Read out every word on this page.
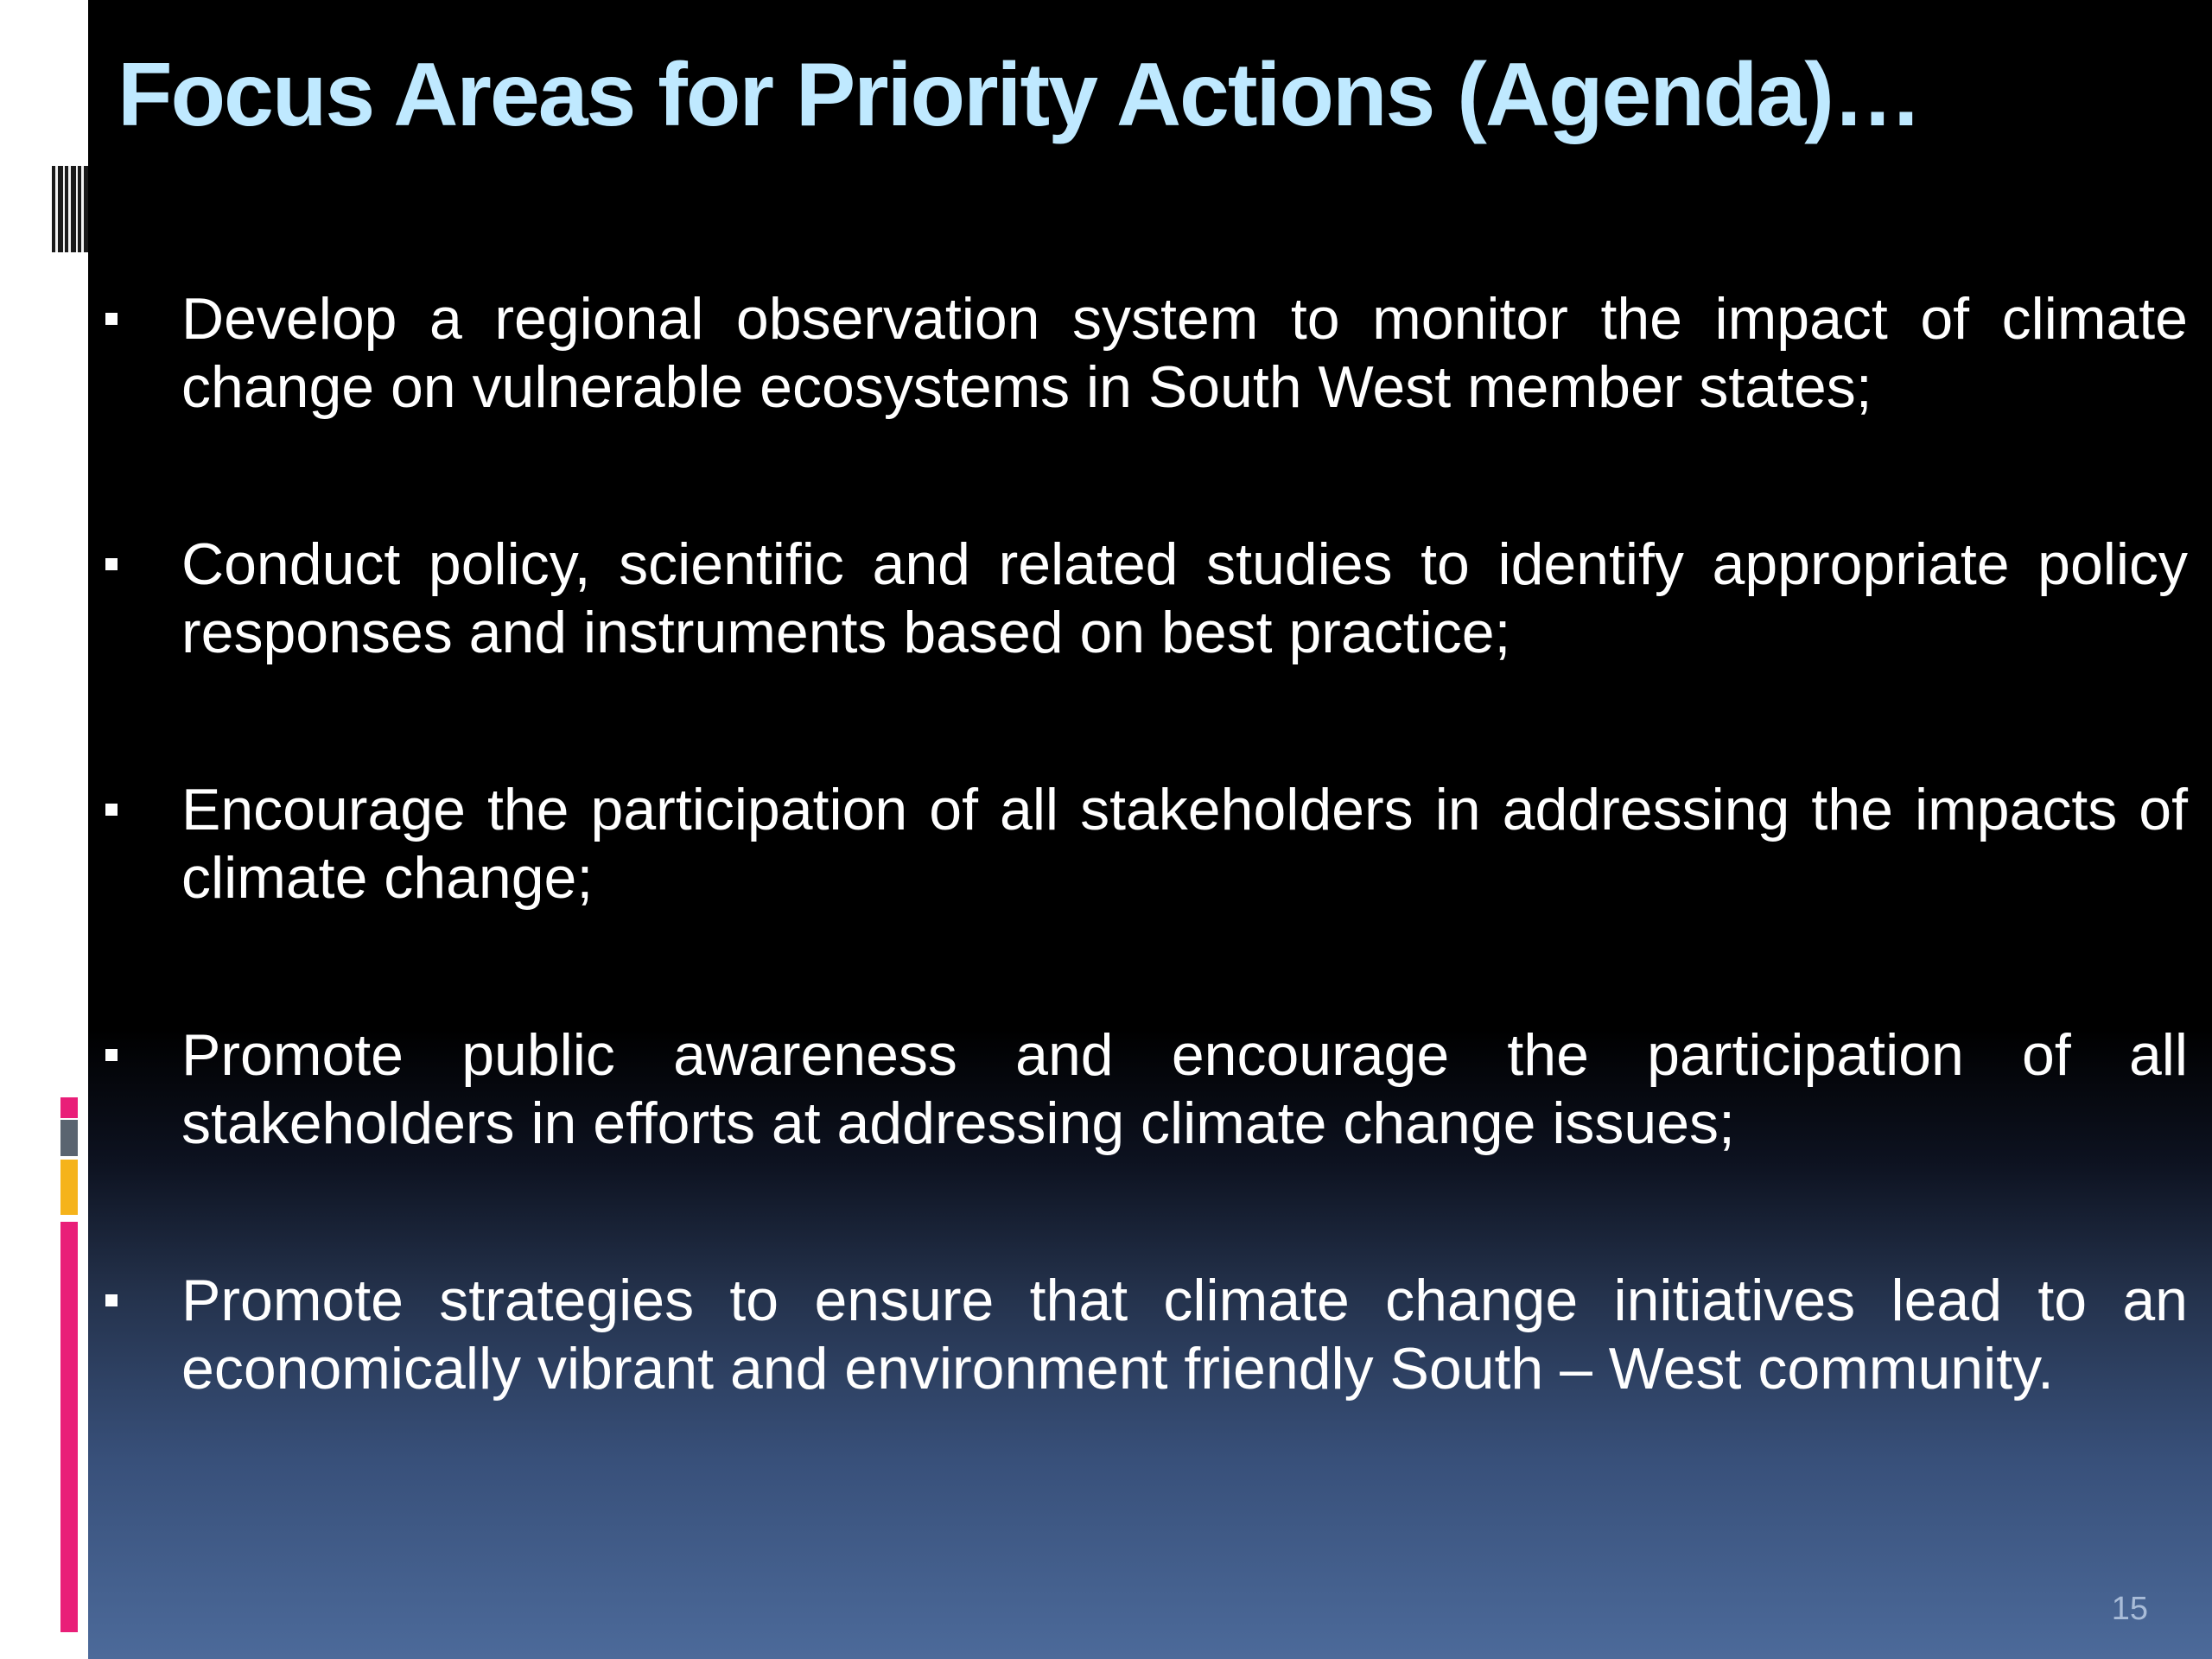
Focus Areas for Priority Actions (Agenda)…
Develop a regional observation system to monitor the impact of climate change on vulnerable ecosystems in South West member states;
Conduct policy, scientific and related studies to identify appropriate policy responses and instruments based on best practice;
Encourage the participation of all stakeholders in addressing the impacts of climate change;
Promote public awareness and encourage the participation of all stakeholders in efforts at addressing climate change issues;
Promote strategies to ensure that climate change initiatives lead to an economically vibrant and environment friendly South – West community.
15
